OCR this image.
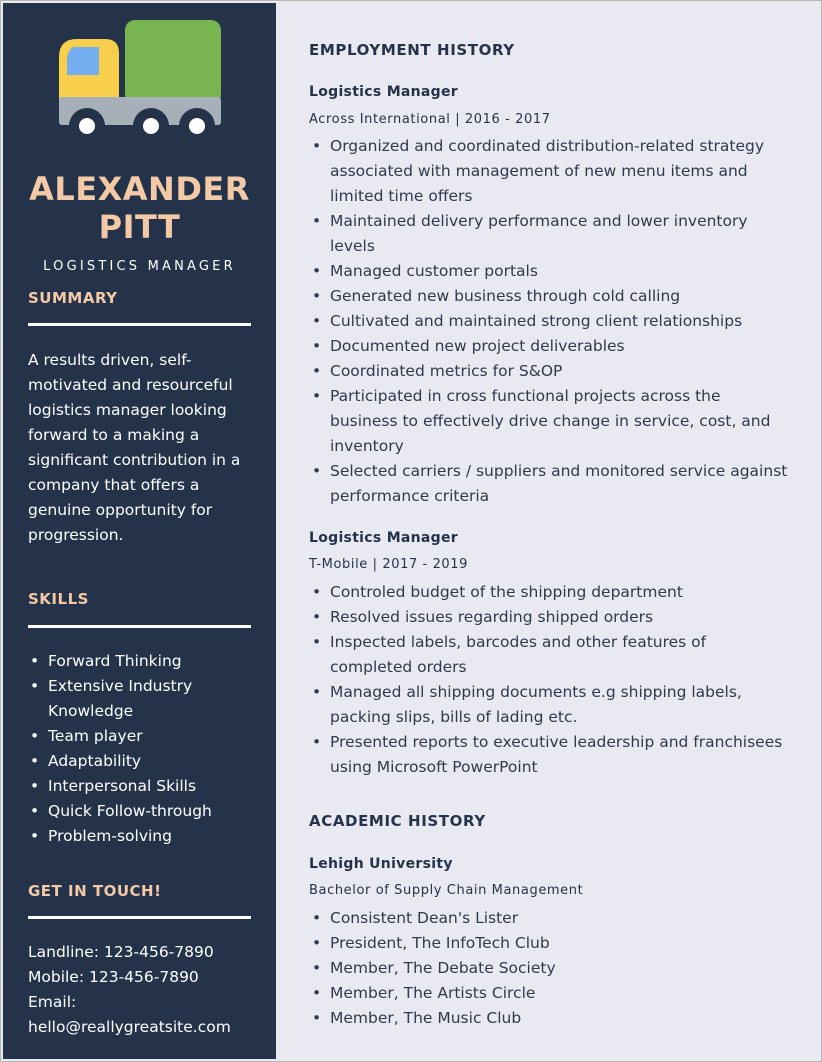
ALEXANDER
PITT
LOGISTICS MANAGER
SUMMARY

A results driven, self-motivated and resourceful logistics manager looking forward to a making a significant contribution in a company that offers a genuine opportunity for progression.

SKILLS
• Forward Thinking
• Extensive Industry Knowledge
• Team player
• Adaptability
• Interpersonal Skills
• Quick Follow-through
• Problem-solving
GET IN TOUCH!
Landline: 123-456-7890
Mobile: 123-456-7890
Email:
hello@reallygreatsite.com
EMPLOYMENT HISTORY
Logistics Manager
Across International | 2016 - 2017
• Organized and coordinated distribution-related strategy associated with management of new menu items and limited time offers
• Maintained delivery performance and lower inventory levels
• Managed customer portals
• Generated new business through cold calling
• Cultivated and maintained strong client relationships
• Documented new project deliverables
• Coordinated metrics for S&OP
• Participated in cross functional projects across the business to effectively drive change in service, cost, and inventory
• Selected carriers / suppliers and monitored service against performance criteria
Logistics Manager
T-Mobile | 2017 - 2019
• Controled budget of the shipping department
• Resolved issues regarding shipped orders
• Inspected labels, barcodes and other features of completed orders
• Managed all shipping documents e.g shipping labels, packing slips, bills of lading etc.
• Presented reports to executive leadership and franchisees using Microsoft PowerPoint
ACADEMIC HISTORY
Lehigh University
Bachelor of Supply Chain Management
• Consistent Dean's Lister
• President, The InfoTech Club
• Member, The Debate Society
• Member, The Artists Circle
• Member, The Music Club
